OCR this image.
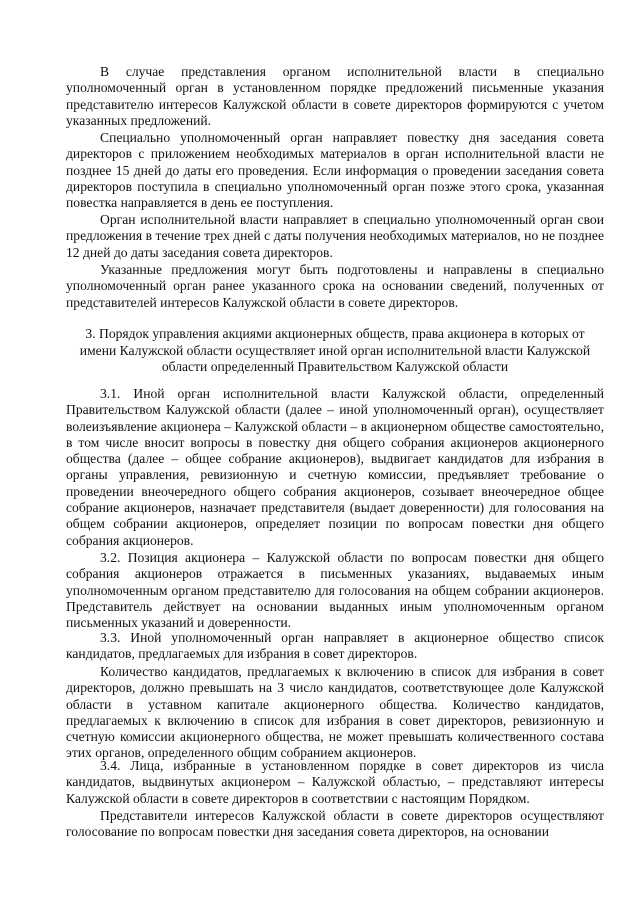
В случае представления органом исполнительной власти в специально уполномоченный орган в установленном порядке предложений письменные указания представителю интересов Калужской области в совете директоров формируются с учетом указанных предложений.

Специально уполномоченный орган направляет повестку дня заседания совета директоров с приложением необходимых материалов в орган исполнительной власти не позднее 15 дней до даты его проведения. Если информация о проведении заседания совета директоров поступила в специально уполномоченный орган позже этого срока, указанная повестка направляется в день ее поступления.

Орган исполнительной власти направляет в специально уполномоченный орган свои предложения в течение трех дней с даты получения необходимых материалов, но не позднее 12 дней до даты заседания совета директоров.

Указанные предложения могут быть подготовлены и направлены в специально уполномоченный орган ранее указанного срока на основании сведений, полученных от представителей интересов Калужской области в совете директоров.

3. Порядок управления акциями акционерных обществ, права акционера в которых от имени Калужской области осуществляет иной орган исполнительной власти Калужской области определенный Правительством Калужской области

3.1. Иной орган исполнительной власти Калужской области, определенный Правительством Калужской области (далее – иной уполномоченный орган), осуществляет волеизъявление акционера – Калужской области – в акционерном обществе самостоятельно, в том числе вносит вопросы в повестку дня общего собрания акционеров акционерного общества (далее – общее собрание акционеров), выдвигает кандидатов для избрания в органы управления, ревизионную и счетную комиссии, предъявляет требование о проведении внеочередного общего собрания акционеров, созывает внеочередное общее собрание акционеров, назначает представителя (выдает доверенности) для голосования на общем собрании акционеров, определяет позиции по вопросам повестки дня общего собрания акционеров.

3.2. Позиция акционера – Калужской области по вопросам повестки дня общего собрания акционеров отражается в письменных указаниях, выдаваемых иным уполномоченным органом представителю для голосования на общем собрании акционеров. Представитель действует на основании выданных иным уполномоченным органом письменных указаний и доверенности.

3.3. Иной уполномоченный орган направляет в акционерное общество список кандидатов, предлагаемых для избрания в совет директоров.

Количество кандидатов, предлагаемых к включению в список для избрания в совет директоров, должно превышать на 3 число кандидатов, соответствующее доле Калужской области в уставном капитале акционерного общества. Количество кандидатов, предлагаемых к включению в список для избрания в совет директоров, ревизионную и счетную комиссии акционерного общества, не может превышать количественного состава этих органов, определенного общим собранием акционеров.

3.4. Лица, избранные в установленном порядке в совет директоров из числа кандидатов, выдвинутых акционером – Калужской областью, – представляют интересы Калужской области в совете директоров в соответствии с настоящим Порядком.

Представители интересов Калужской области в совете директоров осуществляют голосование по вопросам повестки дня заседания совета директоров, на основании
